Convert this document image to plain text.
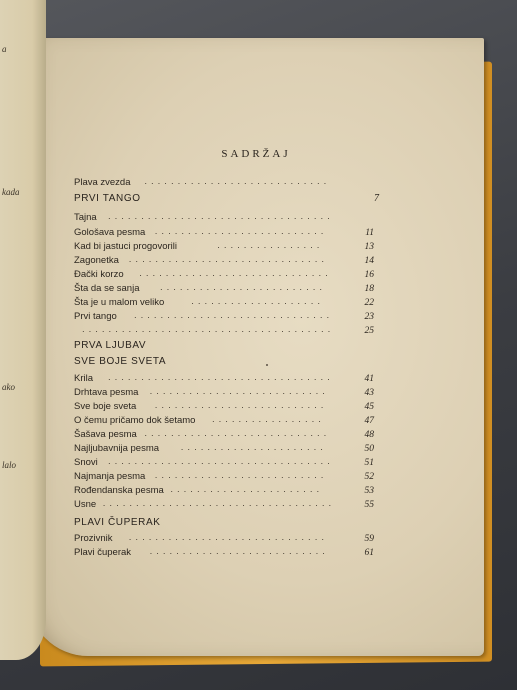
SADRŽAJ
Plava zvezda ............................
PRVI TANGO	7
Tajna ..................................
Gološava pesma ..........................	11
Kad bi jastuci progovorili	................	13
Zagonetka ..............................	14
Đački korzo .............................	16
Šta da se sanja .........................	18
Šta je u malom veliko	....................	22
Prvi tango ..............................	23
......................................	25
PRVA LJUBAV
SVE BOJE SVETA
Krila ..................................	41
Drhtava pesma ...........................	43
Sve boje sveta ..........................	45
O čemu pričamo dok šetamo .................	47
Šašava pesma ............................	48
Najljubavnija pesma ......................	50
Snovi ..................................	51
Najmanja pesma ..........................	52
Rođendanska pesma .......................	53
Usne ...................................	55
PLAVI ČUPERAK
Prozivnik ..............................	59
Plavi čuperak ...........................	61
a
kada
ako
lalo
